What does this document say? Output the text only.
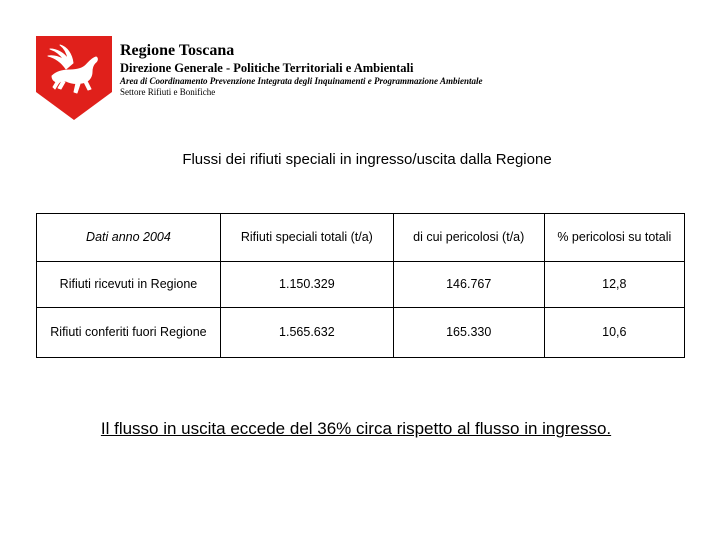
Regione Toscana
Direzione Generale - Politiche Territoriali e Ambientali
Area di Coordinamento Prevenzione Integrata degli Inquinamenti e Programmazione Ambientale
Settore Rifiuti e Bonifiche
Flussi dei rifiuti speciali in ingresso/uscita dalla Regione
Dati anno 2004	Rifiuti speciali totali (t/a)	di cui pericolosi (t/a)	% pericolosi su totali
Rifiuti ricevuti in Regione	1.150.329	146.767	12,8
Rifiuti conferiti fuori Regione	1.565.632	165.330	10,6
Il flusso in uscita eccede del 36% circa rispetto al flusso in ingresso.
